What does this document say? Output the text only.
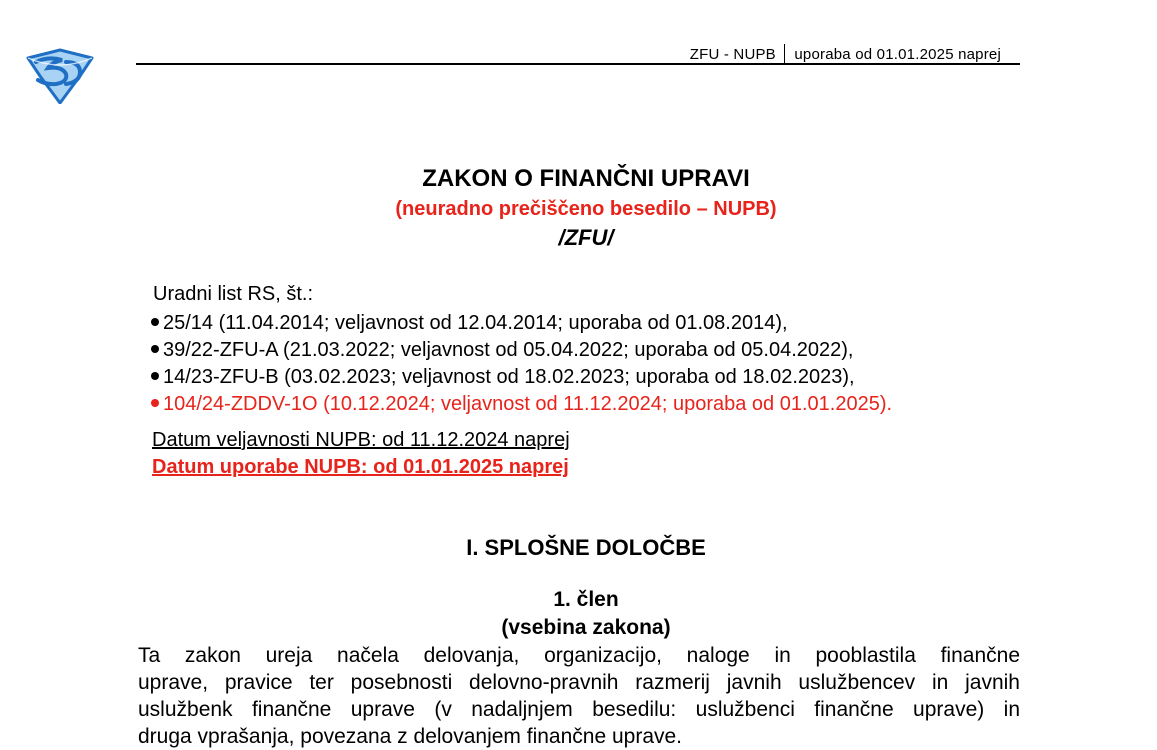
ZFU - NUPB uporaba od 01.01.2025 naprej
ZAKON O FINANČNI UPRAVI
(neuradno prečiščeno besedilo – NUPB)
/ZFU/
Uradni list RS, št.:
25/14 (11.04.2014; veljavnost od 12.04.2014; uporaba od 01.08.2014),
39/22-ZFU-A (21.03.2022; veljavnost od 05.04.2022; uporaba od 05.04.2022),
14/23-ZFU-B (03.02.2023; veljavnost od 18.02.2023; uporaba od 18.02.2023),
104/24-ZDDV-1O (10.12.2024; veljavnost od 11.12.2024; uporaba od 01.01.2025).
Datum veljavnosti NUPB: od 11.12.2024 naprej
Datum uporabe NUPB: od 01.01.2025 naprej
I. SPLOŠNE DOLOČBE
1. člen
(vsebina zakona)
Ta zakon ureja načela delovanja, organizacijo, naloge in pooblastila finančne
uprave, pravice ter posebnosti delovno-pravnih razmerij javnih uslužbencev in javnih
uslužbenk finančne uprave (v nadaljnjem besedilu: uslužbenci finančne uprave) in
druga vprašanja, povezana z delovanjem finančne uprave.
